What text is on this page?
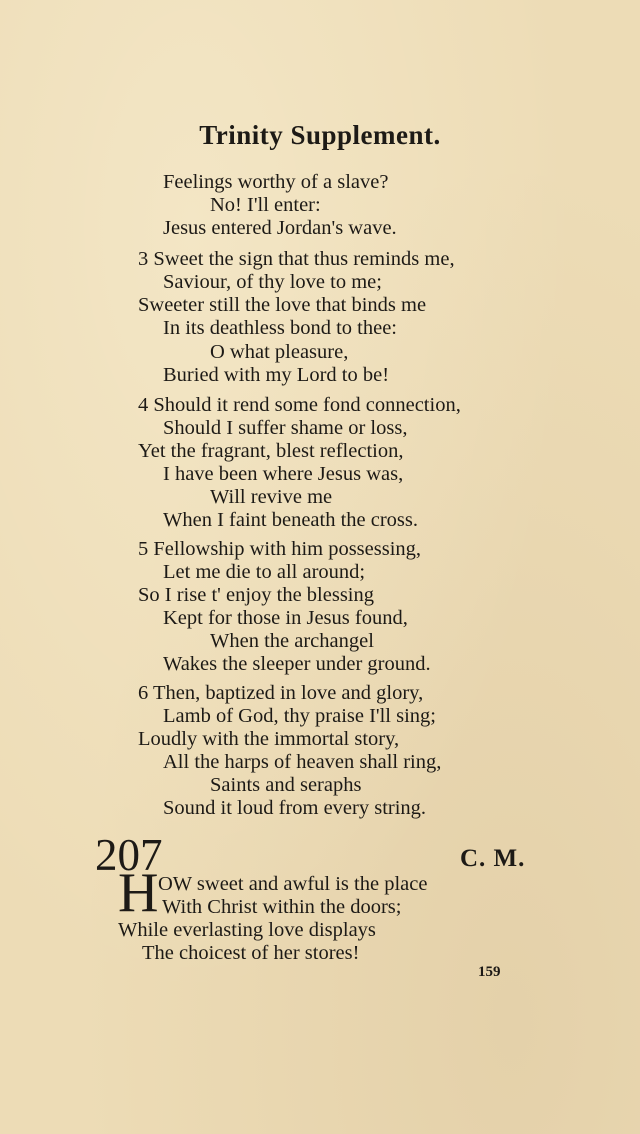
Trinity Supplement.
Feelings worthy of a slave?
No! I'll enter:
Jesus entered Jordan's wave.
3 Sweet the sign that thus reminds me,
Saviour, of thy love to me;
Sweeter still the love that binds me
In its deathless bond to thee:
O what pleasure,
Buried with my Lord to be!
4 Should it rend some fond connection,
Should I suffer shame or loss,
Yet the fragrant, blest reflection,
I have been where Jesus was,
Will revive me
When I faint beneath the cross.
5 Fellowship with him possessing,
Let me die to all around;
So I rise t' enjoy the blessing
Kept for those in Jesus found,
When the archangel
Wakes the sleeper under ground.
6 Then, baptized in love and glory,
Lamb of God, thy praise I'll sing;
Loudly with the immortal story,
All the harps of heaven shall ring,
Saints and seraphs
Sound it loud from every string.
207	C. M.
H OW sweet and awful is the place
With Christ within the doors;
While everlasting love displays
The choicest of her stores!
159
